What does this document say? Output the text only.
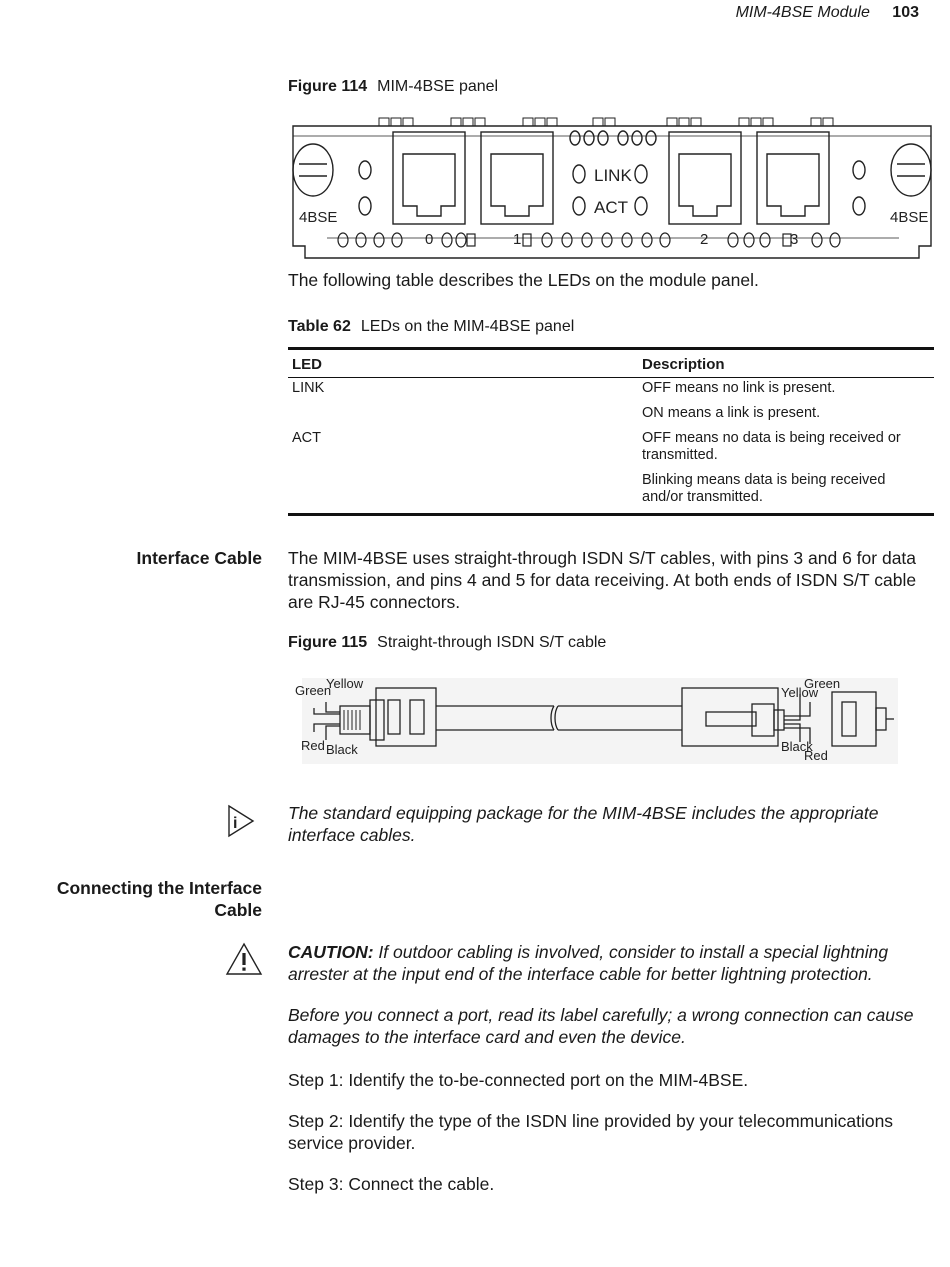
MIM-4BSE Module 103
Figure 114 MIM-4BSE panel
4BSE	4BSE
LINK
ACT
0	1	2	3

The following table describes the LEDs on the module panel.

Table 62 LEDs on the MIM-4BSE panel
LED	Description
LINK	OFF means no link is present.
	ON means a link is present.
ACT	OFF means no data is being received or transmitted.
	Blinking means data is being received and/or transmitted.
Interface Cable The MIM-4BSE uses straight-through ISDN S/T cables, with pins 3 and 6 for data transmission, and pins 4 and 5 for data receiving. At both ends of ISDN S/T cable are RJ-45 connectors.

Figure 115 Straight-through ISDN S/T cable
Green
Yellow
Red Black
Green
Yellow
Black
Red
i

The standard equipping package for the MIM-4BSE includes the appropriate interface cables.

Connecting the Interface
Cable

CAUTION: If outdoor cabling is involved, consider to install a special lightning arrester at the input end of the interface cable for better lightning protection.

Before you connect a port, read its label carefully; a wrong connection can cause damages to the interface card and even the device.

Step 1: Identify the to-be-connected port on the MIM-4BSE.

Step 2: Identify the type of the ISDN line provided by your telecommunications service provider.

Step 3: Connect the cable.
